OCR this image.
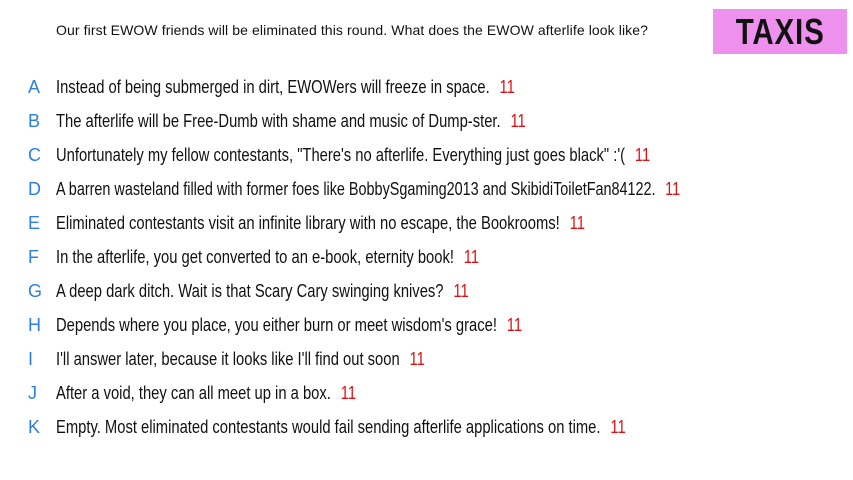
Our first EWOW friends will be eliminated this round. What does the EWOW afterlife look like?	TAXIS
A Instead of being submerged in dirt, EWOWers will freeze in space. 11
B The afterlife will be Free-Dumb with shame and music of Dump-ster. 11
C Unfortunately my fellow contestants, "There's no afterlife. Everything just goes black" :'( 11
D A barren wasteland filled with former foes like BobbySgaming2013 and SkibidiToiletFan84122. 11
E Eliminated contestants visit an infinite library with no escape, the Bookrooms! 11
F In the afterlife, you get converted to an e-book, eternity book! 11
G A deep dark ditch. Wait is that Scary Cary swinging knives? 11
H Depends where you place, you either burn or meet wisdom's grace! 11
I	I'll answer later, because it looks like I'll find out soon 11
J	After a void, they can all meet up in a box. 11
K Empty. Most eliminated contestants would fail sending afterlife applications on time. 11
